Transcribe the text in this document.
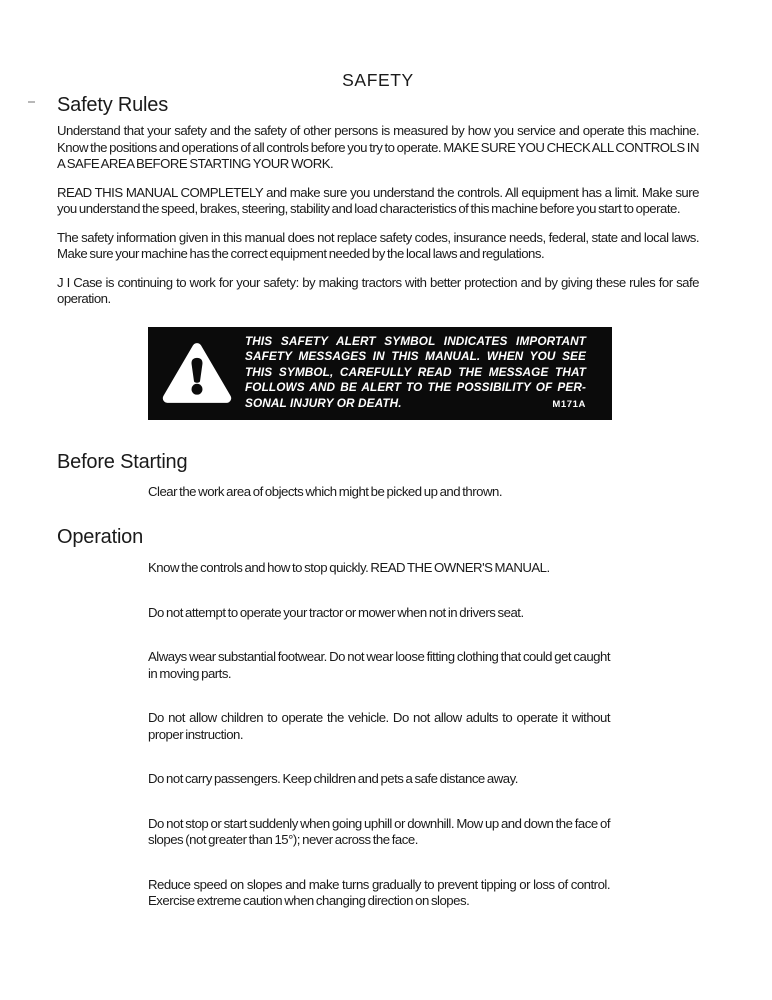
SAFETY
Safety Rules

Understand that your safety and the safety of other persons is measured by how you service and operate this machine. Know the positions and operations of all controls before you try to operate. MAKE SURE YOU CHECK ALL CONTROLS IN A SAFE AREA BEFORE STARTING YOUR WORK.

READ THIS MANUAL COMPLETELY and make sure you understand the controls. All equipment has a limit. Make sure you understand the speed, brakes, steering, stability and load characteristics of this machine before you start to operate.

The safety information given in this manual does not replace safety codes, insurance needs, federal, state and local laws. Make sure your machine has the correct equipment needed by the local laws and regulations.

J I Case is continuing to work for your safety: by making tractors with better protection and by giving these rules for safe operation.

THIS SAFETY ALERT SYMBOL INDICATES IMPORTANT
SAFETY MESSAGES IN THIS MANUAL. WHEN YOU SEE
THIS SYMBOL, CAREFULLY READ THE MESSAGE THAT
FOLLOWS AND BE ALERT TO THE POSSIBILITY OF PER-
SONAL INJURY OR DEATH.	M171A
Before Starting

Clear the work area of objects which might be picked up and thrown.

Operation

Know the controls and how to stop quickly. READ THE OWNER'S MANUAL.

Do not attempt to operate your tractor or mower when not in drivers seat.

Always wear substantial footwear. Do not wear loose fitting clothing that could get caught in moving parts.

Do not allow children to operate the vehicle. Do not allow adults to operate it without proper instruction.

Do not carry passengers. Keep children and pets a safe distance away.

Do not stop or start suddenly when going uphill or downhill. Mow up and down the face of slopes (not greater than 15°); never across the face.

Reduce speed on slopes and make turns gradually to prevent tipping or loss of control. Exercise extreme caution when changing direction on slopes.
